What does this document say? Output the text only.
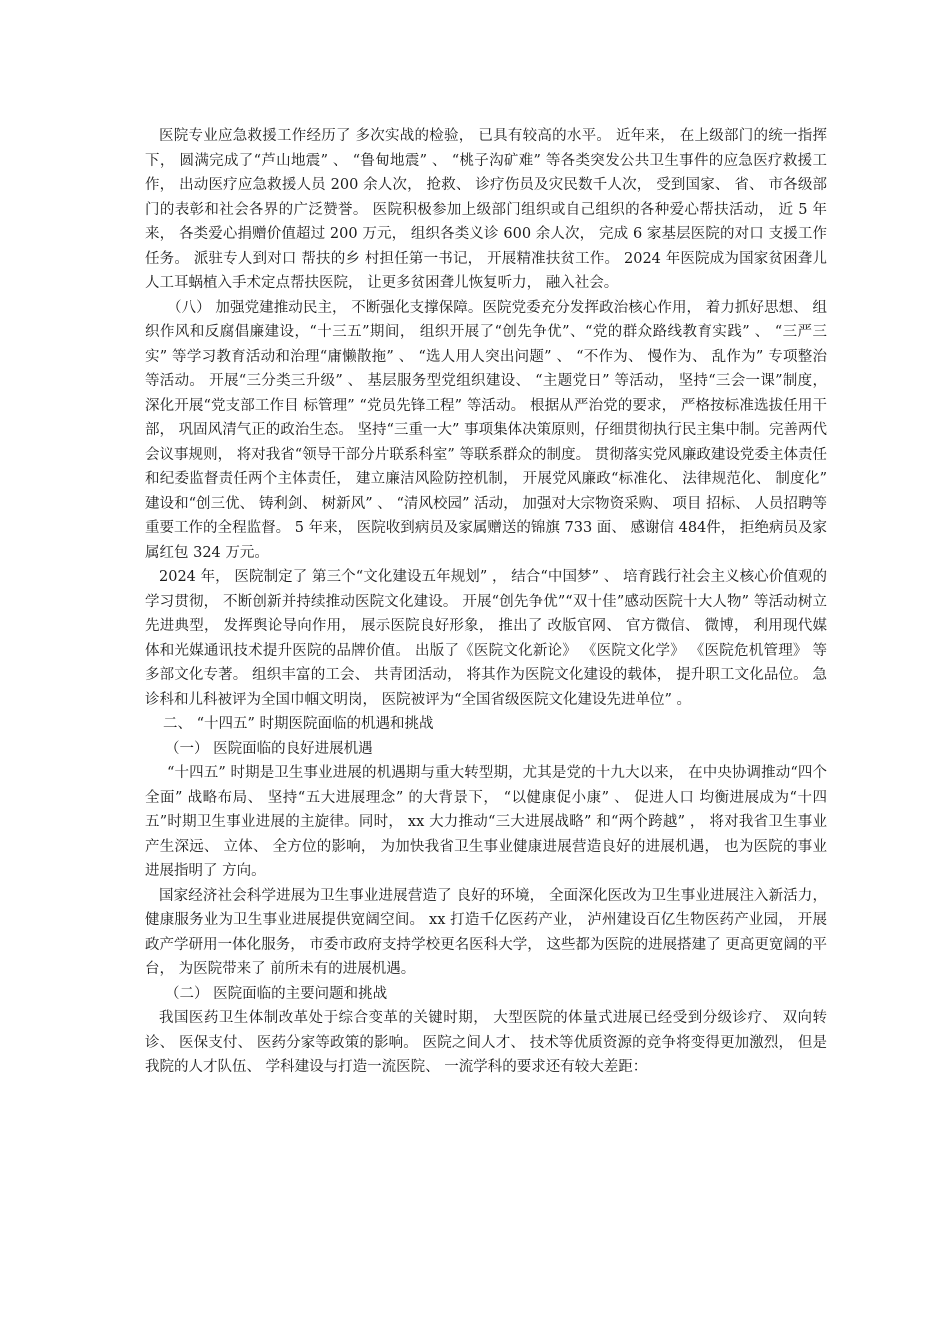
医院专业应急救援工作经历了 多次实战的检验， 已具有较高的水平。 近年来， 在上级部门的统一指挥下， 圆满完成了“芦山地震” 、 “鲁甸地震” 、 “桃子沟矿难” 等各类突发公共卫生事件的应急医疗救援工作， 出动医疗应急救援人员 200 余人次， 抢救、 诊疗伤员及灾民数千人次， 受到国家、 省、 市各级部门的表彰和社会各界的广泛赞誉。 医院积极参加上级部门组织或自己组织的各种爱心帮扶活动， 近 5 年来， 各类爱心捐赠价值超过 200 万元， 组织各类义诊 600 余人次， 完成 6 家基层医院的对口 支援工作任务。 派驻专人到对口 帮扶的乡 村担任第一书记， 开展精准扶贫工作。 2024 年医院成为国家贫困聋儿人工耳蜗植入手术定点帮扶医院， 让更多贫困聋儿恢复听力， 融入社会。

（八） 加强党建推动民主， 不断强化支撑保障。医院党委充分发挥政治核心作用， 着力抓好思想、 组织作风和反腐倡廉建设，“十三五”期间， 组织开展了“创先争优”、“党的群众路线教育实践” 、 “三严三实” 等学习教育活动和治理“庸懒散拖” 、 “选人用人突出问题” 、 “不作为、 慢作为、 乱作为” 专项整治等活动。 开展“三分类三升级” 、 基层服务型党组织建设、 “主题党日” 等活动， 坚持“三会一课”制度， 深化开展“党支部工作目 标管理” “党员先锋工程” 等活动。 根据从严治党的要求， 严格按标准选拔任用干部， 巩固风清气正的政治生态。 坚持“三重一大” 事项集体决策原则，仔细贯彻执行民主集中制。完善两代会议事规则， 将对我省“领导干部分片联系科室” 等联系群众的制度。 贯彻落实党风廉政建设党委主体责任和纪委监督责任两个主体责任， 建立廉洁风险防控机制， 开展党风廉政“标准化、 法律规范化、 制度化” 建设和“创三优、 铸利剑、 树新风” 、 “清风校园” 活动， 加强对大宗物资采购、 项目 招标、 人员招聘等重要工作的全程监督。 5 年来， 医院收到病员及家属赠送的锦旗 733 面、 感谢信 484件， 拒绝病员及家属红包 324 万元。

2024 年， 医院制定了 第三个“文化建设五年规划” ， 结合“中国梦” 、 培育践行社会主义核心价值观的学习贯彻， 不断创新并持续推动医院文化建设。 开展“创先争优”“双十佳”感动医院十大人物” 等活动树立先进典型， 发挥舆论导向作用， 展示医院良好形象， 推出了 改版官网、 官方微信、 微博， 利用现代媒体和光媒通讯技术提升医院的品牌价值。 出版了《医院文化新论》 《医院文化学》 《医院危机管理》 等多部文化专著。 组织丰富的工会、 共青团活动， 将其作为医院文化建设的载体， 提升职工文化品位。 急诊科和儿科被评为全国巾帼文明岗， 医院被评为“全国省级医院文化建设先进单位” 。

二、 “十四五” 时期医院面临的机遇和挑战

（一） 医院面临的良好进展机遇

“十四五” 时期是卫生事业进展的机遇期与重大转型期，尤其是党的十九大以来， 在中央协调推动“四个全面” 战略布局、 坚持“五大进展理念” 的大背景下， “以健康促小康” 、 促进人口 均衡进展成为“十四五”时期卫生事业进展的主旋律。同时， xx 大力推动“三大进展战略” 和“两个跨越” ， 将对我省卫生事业产生深远、 立体、 全方位的影响， 为加快我省卫生事业健康进展营造良好的进展机遇， 也为医院的事业进展指明了 方向。

国家经济社会科学进展为卫生事业进展营造了 良好的环境， 全面深化医改为卫生事业进展注入新活力， 健康服务业为卫生事业进展提供宽阔空间。 xx 打造千亿医药产业， 泸州建设百亿生物医药产业园， 开展政产学研用一体化服务， 市委市政府支持学校更名医科大学， 这些都为医院的进展搭建了 更高更宽阔的平台， 为医院带来了 前所未有的进展机遇。

（二） 医院面临的主要问题和挑战

我国医药卫生体制改革处于综合变革的关键时期， 大型医院的体量式进展已经受到分级诊疗、 双向转诊、 医保支付、 医药分家等政策的影响。 医院之间人才、 技术等优质资源的竞争将变得更加激烈， 但是我院的人才队伍、 学科建设与打造一流医院、 一流学科的要求还有较大差距：
